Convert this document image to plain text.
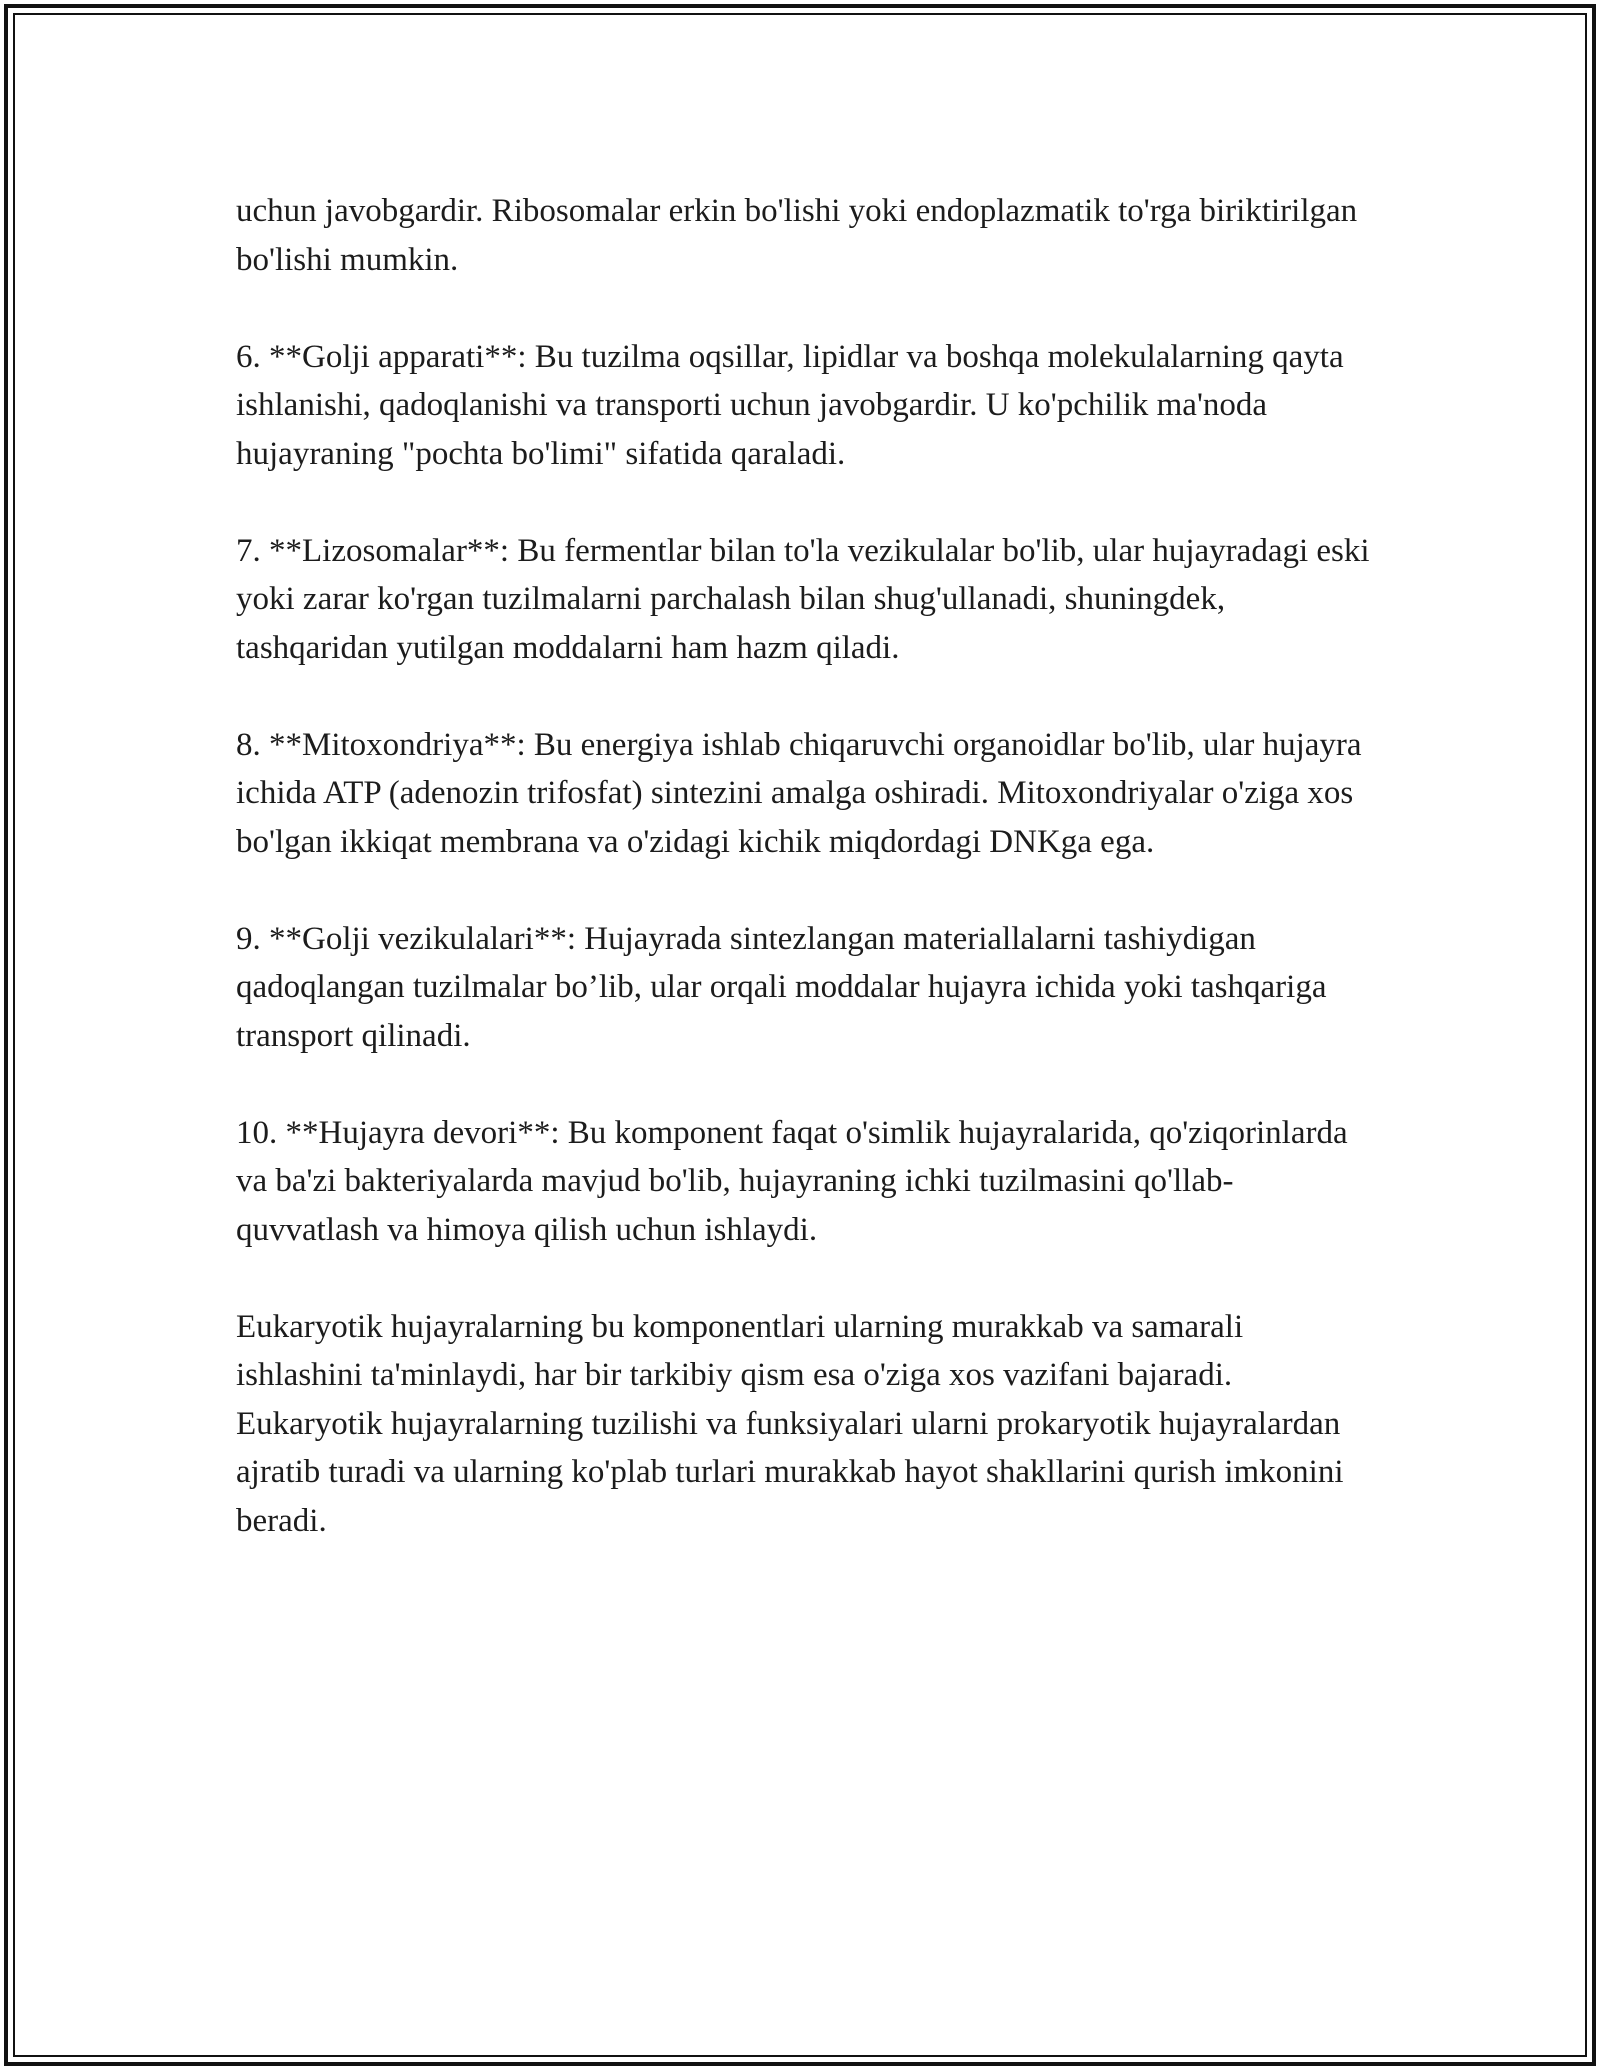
uchun javobgardir. Ribosomalar erkin bo'lishi yoki endoplazmatik to'rga biriktirilgan bo'lishi mumkin.

6. **Golji apparati**: Bu tuzilma oqsillar, lipidlar va boshqa molekulalarning qayta ishlanishi, qadoqlanishi va transporti uchun javobgardir. U ko'pchilik ma'noda hujayraning "pochta bo'limi" sifatida qaraladi.

7. **Lizosomalar**: Bu fermentlar bilan to'la vezikulalar bo'lib, ular hujayradagi eski yoki zarar ko'rgan tuzilmalarni parchalash bilan shug'ullanadi, shuningdek, tashqaridan yutilgan moddalarni ham hazm qiladi.

8. **Mitoxondriya**: Bu energiya ishlab chiqaruvchi organoidlar bo'lib, ular hujayra ichida ATP (adenozin trifosfat) sintezini amalga oshiradi. Mitoxondriyalar o'ziga xos bo'lgan ikkiqat membrana va o'zidagi kichik miqdordagi DNKga ega.

9. **Golji vezikulalari**: Hujayrada sintezlangan materiallalarni tashiydigan qadoqlangan tuzilmalar bo’lib, ular orqali moddalar hujayra ichida yoki tashqariga transport qilinadi.

10. **Hujayra devori**: Bu komponent faqat o'simlik hujayralarida, qo'ziqorinlarda va ba'zi bakteriyalarda mavjud bo'lib, hujayraning ichki tuzilmasini qo'llab-quvvatlash va himoya qilish uchun ishlaydi.

Eukaryotik hujayralarning bu komponentlari ularning murakkab va samarali ishlashini ta'minlaydi, har bir tarkibiy qism esa o'ziga xos vazifani bajaradi. Eukaryotik hujayralarning tuzilishi va funksiyalari ularni prokaryotik hujayralardan ajratib turadi va ularning ko'plab turlari murakkab hayot shakllarini qurish imkonini beradi.
